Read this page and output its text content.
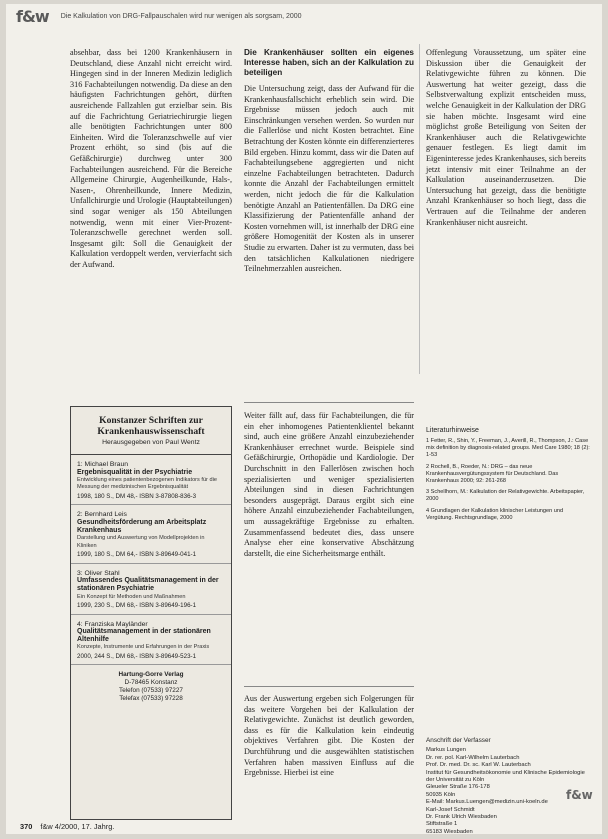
f&w Die Kalkulation von DRG-Fallpauschalen wird nur wenigen als sorgsam, 2000

absehbar, dass bei 1200 Krankenhäusern in Deutschland, diese Anzahl nicht erreicht wird. Hingegen sind in der Inneren Medizin lediglich 316 Fachabteilungen notwendig. Da diese an den häufigsten Fachrichtungen gehört, dürften ausreichende Fallzahlen gut erzielbar sein. Bis auf die Fachrichtung Geriatriechirurgie liegen alle benötigten Fachrichtungen unter 800 Einheiten. Wird die Toleranzschwelle auf vier Prozent erhöht, so sind (bis auf die Gefäßchirurgie) durchweg unter 300 Fachabteilungen ausreichend. Für die Bereiche Allgemeine Chirurgie, Augenheilkunde, Hals-, Nasen-, Ohrenheilkunde, Innere Medizin, Unfallchirurgie und Urologie (Hauptabteilungen) sind sogar weniger als 150 Abteilungen notwendig, wenn mit einer Vier-Prozent-Toleranzschwelle gerechnet werden soll. Insgesamt gilt: Soll die Genauigkeit der Kalkulation verdoppelt werden, vervierfacht sich der Aufwand.

Die Krankenhäuser sollten ein eigenes Interesse haben, sich an der Kalkulation zu beteiligen

Die Untersuchung zeigt, dass der Aufwand für die Krankenhausfallschicht erheblich sein wird. Die Ergebnisse müssen jedoch auch mit Einschränkungen versehen werden. So wurden nur die Fallerlöse und nicht Kosten betrachtet. Eine Betrachtung der Kosten könnte ein differenzierteres Bild ergeben. Hinzu kommt, dass wir die Daten auf Fachabteilungsebene aggregierten und nicht einzelne Fachabteilungen betrachteten. Dadurch konnte die Anzahl der Fachabteilungen ermittelt werden, nicht jedoch die für die Kalkulation benötigte Anzahl an Patientenfällen. Da DRG eine Klassifizierung der Patientenfälle anhand der Kosten vornehmen will, ist innerhalb der DRG eine größere Homogenität der Kosten als in unserer Studie zu erwarten. Daher ist zu vermuten, dass bei den tatsächlichen Kalkulationen niedrigere Teilnehmerzahlen ausreichen.

Offenlegung Voraussetzung, um später eine Diskussion über die Genauigkeit der Relativgewichte führen zu können. Die Auswertung hat weiter gezeigt, dass die Selbstverwaltung explizit entscheiden muss, welche Genauigkeit in der Kalkulation der DRG sie haben möchte. Insgesamt wird eine möglichst große Beteiligung von Seiten der Krankenhäuser auch die Relativgewichte genauer festlegen. Es liegt damit im Eigeninteresse jedes Krankenhauses, sich bereits jetzt intensiv mit einer Teilnahme an der Kalkulation auseinanderzusetzen. Die Untersuchung hat gezeigt, dass die benötigte Anzahl Krankenhäuser so hoch liegt, dass die Vertrauen auf die Teilnahme der anderen Krankenhäuser nicht ausreicht.

Weiter fällt auf, dass für Fachabteilungen, die für ein eher inhomogenes Patientenklientel bekannt sind, auch eine größere Anzahl einzubeziehender Krankenhäuser errechnet wurde. Beispiele sind Gefäßchirurgie, Orthopädie und Kardiologie. Der Durchschnitt in den Fallerlösen zwischen hoch spezialisierten und weniger spezialisierten Abteilungen sind in diesen Fachrichtungen besonders ausgeprägt. Daraus ergibt sich eine höhere Anzahl einzubeziehender Fachabteilungen, um aussagekräftige Ergebnisse zu erhalten. Zusammenfassend bedeutet dies, dass unsere Analyse eher eine konservative Abschätzung darstellt, die eine Sicherheitsmarge enthält.

Aus der Auswertung ergeben sich Folgerungen für das weitere Vorgehen bei der Kalkulation der Relativgewichte. Zunächst ist deutlich geworden, dass es für die Kalkulation kein eindeutig objektives Verfahren gibt. Die Kosten der Durchführung und die ausgewählten statistischen Verfahren haben massiven Einfluss auf die Ergebnisse. Hierbei ist eine

Konstanzer Schriften zur Krankenhauswissenschaft
Herausgegeben von Paul Wentz
1: Michael Braun
Ergebnisqualität in der Psychiatrie
Entwicklung eines patientenbezogenen Indikators für die Messung der medizinischen Ergebnisqualität
1998, 180 S., DM 48,- ISBN 3-87808-836-3
2: Bernhard Leis
Gesundheitsförderung am Arbeitsplatz Krankenhaus
Darstellung und Auswertung von Modellprojekten in Kliniken
1999, 180 S., DM 64,- ISBN 3-89649-041-1
3: Oliver Stahl
Umfassendes Qualitätsmanagement in der stationären Psychiatrie
Ein Konzept für Methoden und Maßnahmen
1999, 230 S., DM 68,- ISBN 3-89649-196-1
4: Franziska Mayländer
Qualitätsmanagement in der stationären Altenhilfe
Konzepte, Instrumente und Erfahrungen in der Praxis
2000, 244 S., DM 68,- ISBN 3-89649-523-1
Hartung-Gorre Verlag
D-78465 Konstanz
Telefon (07533) 97227
Telefax (07533) 97228
Literaturhinweise
1 Fetter, R., Shin, Y., Freeman, J., Averill, R., Thompson, J.: Case mix definition by diagnosis-related groups. Med Care 1980; 18 (2): 1-53
2 Rochell, B., Roeder, N.: DRG – das neue Krankenhausvergütungssystem für Deutschland. Das Krankenhaus 2000; 92: 261-268
3 Schellhorn, M.: Kalkulation der Relativgewichte. Arbeitspapier, 2000
4 Grundlagen der Kalkulation klinischer Leistungen und Vergütung. Rechtsgrundlage, 2000
Anschrift der Verfasser
Markus Lungen
Dr. rer. pol. Karl-Wilhelm Lauterbach
Prof. Dr. med. Dr. sc. Karl W. Lauterbach
Institut für Gesundheitsökonomie und Klinische Epidemiologie der Universität zu Köln
Gleueler Straße 176-178
50935 Köln
E-Mail: Markus.Luengen@medizin.uni-koeln.de
Karl-Josef Schmidt
Dr. Frank Ulrich Wiesbaden
Stiftstraße 1
65183 Wiesbaden
f&w
370 f&w 4/2000, 17. Jahrg.
